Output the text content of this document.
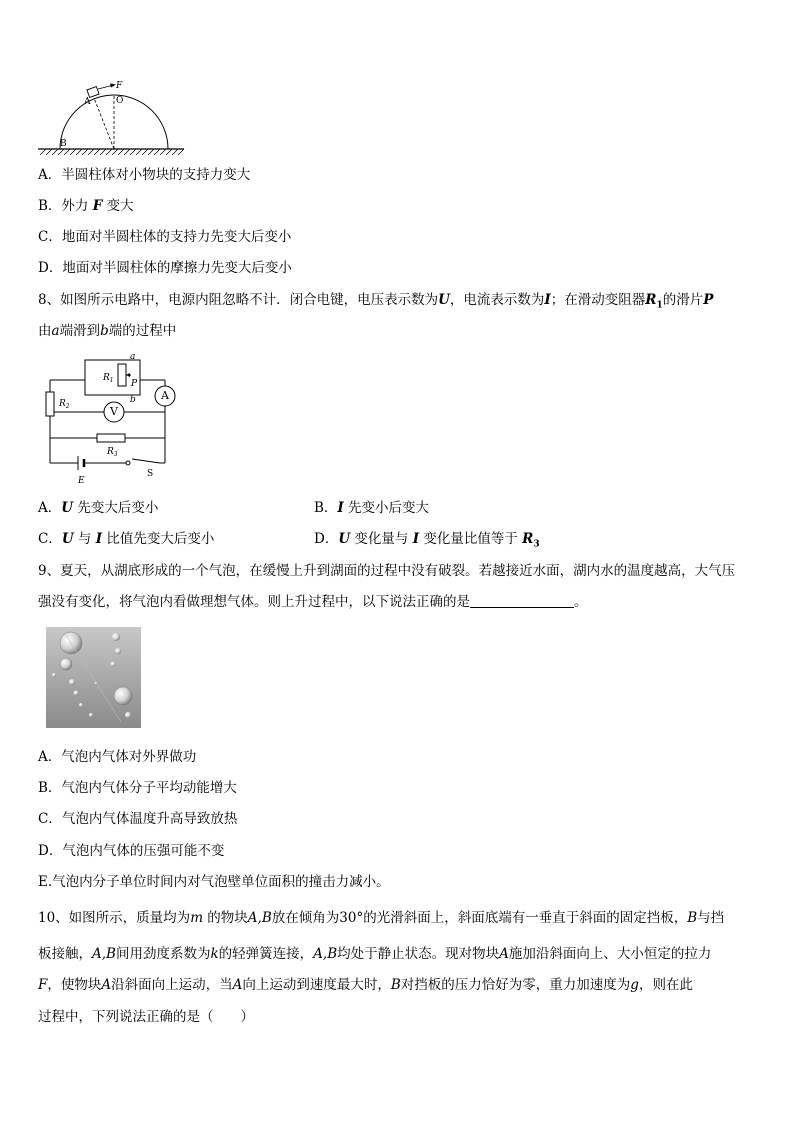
F
A	O
B
A．半圆柱体对小物块的支持力变大
B．外力 F 变大
C．地面对半圆柱体的支持力先变大后变小
D．地面对半圆柱体的摩擦力先变大后变小
8、如图所示电路中，电源内阻忽略不计．闭合电键，电压表示数为U，电流表示数为I；在滑动变阻器$R_1$的滑片P
由a端滑到b端的过程中
V
A
a
b
P
$R_1$
$R_2$
$R_3$
E
S
A．U 先变大后变小	B．I 先变小后变大
C．U 与 I 比值先变大后变小	D．U 变化量与 I 变化量比值等于 $R_3$
9、夏天，从湖底形成的一个气泡，在缓慢上升到湖面的过程中没有破裂。若越接近水面，湖内水的温度越高，大气压
强没有变化，将气泡内看做理想气体。则上升过程中，以下说法正确的是	。
A．气泡内气体对外界做功
B．气泡内气体分子平均动能增大
C．气泡内气体温度升高导致放热
D．气泡内气体的压强可能不变
E.气泡内分子单位时间内对气泡壁单位面积的撞击力减小。
10、如图所示，质量均为m 的物块A,B放在倾角为30°的光滑斜面上，斜面底端有一垂直于斜面的固定挡板，B与挡
板接触，A,B间用劲度系数为k的轻弹簧连接，A,B均处于静止状态。现对物块A施加沿斜面向上、大小恒定的拉力
F，使物块A沿斜面向上运动，当A向上运动到速度最大时，B对挡板的压力恰好为零，重力加速度为g，则在此
过程中，下列说法正确的是（　　）
